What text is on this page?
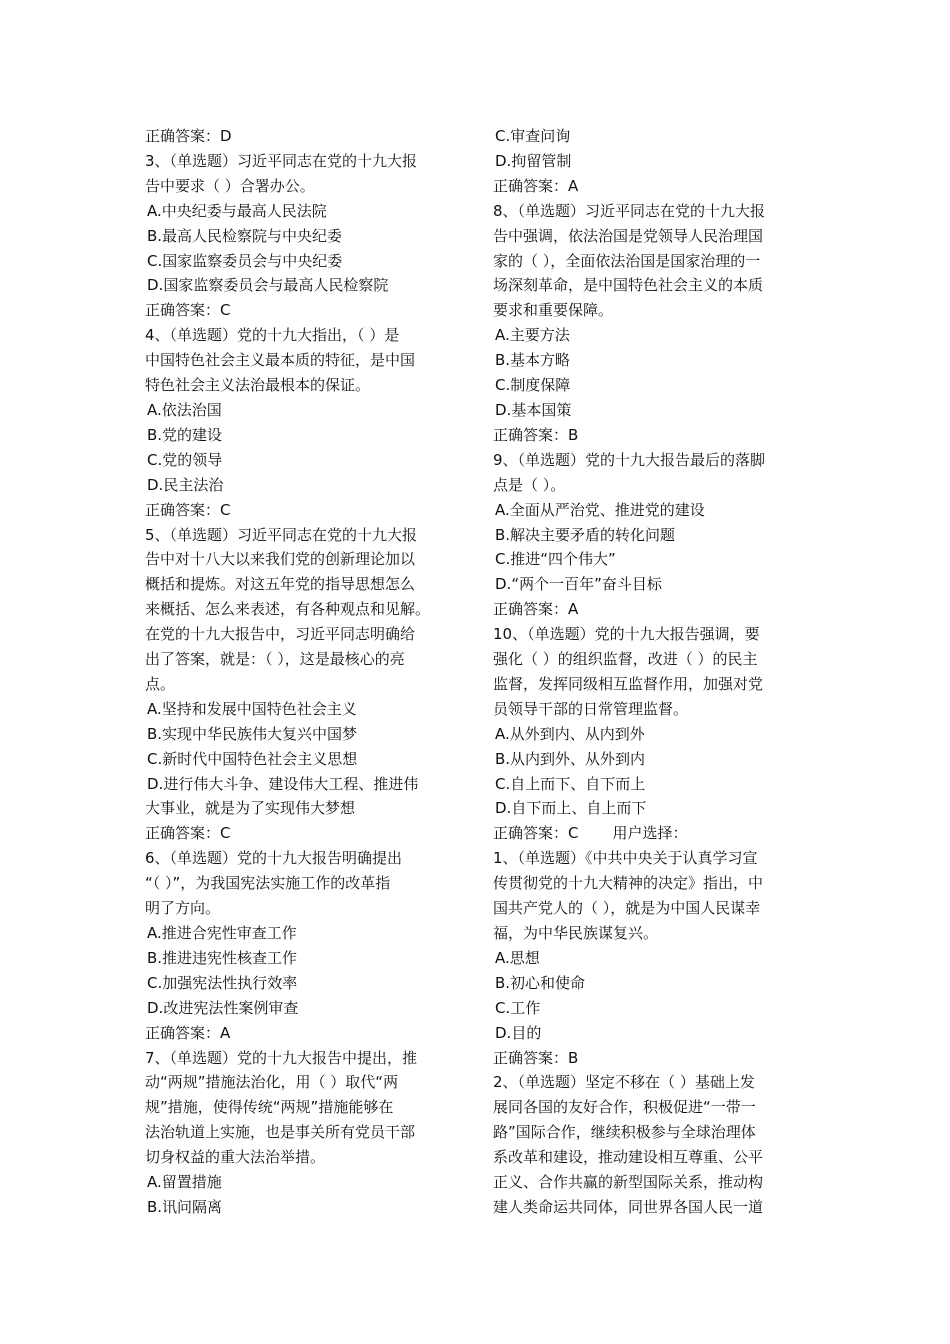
正确答案：D
3、（单选题）习近平同志在党的十九大报
告中要求（ ）合署办公。
A.中央纪委与最高人民法院
B.最高人民检察院与中央纪委
C.国家监察委员会与中央纪委
D.国家监察委员会与最高人民检察院
正确答案：C
4、（单选题）党的十九大指出，（ ）是
中国特色社会主义最本质的特征，是中国
特色社会主义法治最根本的保证。
A.依法治国
B.党的建设
C.党的领导
D.民主法治
正确答案：C
5、（单选题）习近平同志在党的十九大报
告中对十八大以来我们党的创新理论加以
概括和提炼。对这五年党的指导思想怎么
来概括、怎么来表述，有各种观点和见解。
在党的十九大报告中，习近平同志明确给
出了答案，就是：（ ），这是最核心的亮
点。
A.坚持和发展中国特色社会主义
B.实现中华民族伟大复兴中国梦
C.新时代中国特色社会主义思想
D.进行伟大斗争、建设伟大工程、推进伟
大事业，就是为了实现伟大梦想
正确答案：C
6、（单选题）党的十九大报告明确提出
“（ ）”，为我国宪法实施工作的改革指
明了方向。
A.推进合宪性审查工作
B.推进违宪性核查工作
C.加强宪法性执行效率
D.改进宪法性案例审查
正确答案：A
7、（单选题）党的十九大报告中提出，推
动“两规”措施法治化，用（ ）取代“两
规”措施，使得传统“两规”措施能够在
法治轨道上实施，也是事关所有党员干部
切身权益的重大法治举措。
A.留置措施
B.讯问隔离
C.审查问询
D.拘留管制
正确答案：A
8、（单选题）习近平同志在党的十九大报
告中强调，依法治国是党领导人民治理国
家的（ ），全面依法治国是国家治理的一
场深刻革命，是中国特色社会主义的本质
要求和重要保障。
A.主要方法
B.基本方略
C.制度保障
D.基本国策
正确答案：B
9、（单选题）党的十九大报告最后的落脚
点是（ ）。
A.全面从严治党、推进党的建设
B.解决主要矛盾的转化问题
C.推进“四个伟大”
D.“两个一百年”奋斗目标
正确答案：A
10、（单选题）党的十九大报告强调，要
强化（ ）的组织监督，改进（ ）的民主
监督，发挥同级相互监督作用，加强对党
员领导干部的日常管理监督。
A.从外到内、从内到外
B.从内到外、从外到内
C.自上而下、自下而上
D.自下而上、自上而下
正确答案：C 用户选择：
1、（单选题）《中共中央关于认真学习宣
传贯彻党的十九大精神的决定》指出，中
国共产党人的（ ），就是为中国人民谋幸
福，为中华民族谋复兴。
A.思想
B.初心和使命
C.工作
D.目的
正确答案：B
2、（单选题）坚定不移在（ ）基础上发
展同各国的友好合作，积极促进“一带一
路”国际合作，继续积极参与全球治理体
系改革和建设，推动建设相互尊重、公平
正义、合作共赢的新型国际关系，推动构
建人类命运共同体，同世界各国人民一道
